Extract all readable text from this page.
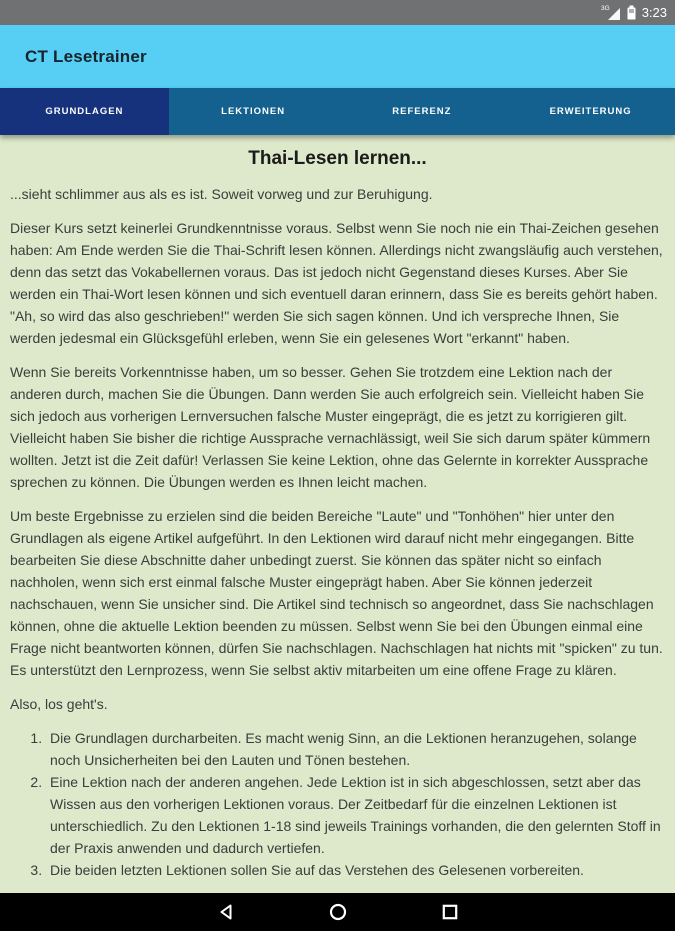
3G 3:23
CT Lesetrainer
GRUNDLAGEN	LEKTIONEN	REFERENZ	ERWEITERUNG
Thai-Lesen lernen...

...sieht schlimmer aus als es ist. Soweit vorweg und zur Beruhigung.

Dieser Kurs setzt keinerlei Grundkenntnisse voraus. Selbst wenn Sie noch nie ein Thai-Zeichen gesehen haben: Am Ende werden Sie die Thai-Schrift lesen können. Allerdings nicht zwangsläufig auch verstehen, denn das setzt das Vokabellernen voraus. Das ist jedoch nicht Gegenstand dieses Kurses. Aber Sie werden ein Thai-Wort lesen können und sich eventuell daran erinnern, dass Sie es bereits gehört haben. "Ah, so wird das also geschrieben!" werden Sie sich sagen können. Und ich verspreche Ihnen, Sie werden jedesmal ein Glücksgefühl erleben, wenn Sie ein gelesenes Wort "erkannt" haben.

Wenn Sie bereits Vorkenntnisse haben, um so besser. Gehen Sie trotzdem eine Lektion nach der anderen durch, machen Sie die Übungen. Dann werden Sie auch erfolgreich sein. Vielleicht haben Sie sich jedoch aus vorherigen Lernversuchen falsche Muster eingeprägt, die es jetzt zu korrigieren gilt. Vielleicht haben Sie bisher die richtige Aussprache vernachlässigt, weil Sie sich darum später kümmern wollten. Jetzt ist die Zeit dafür! Verlassen Sie keine Lektion, ohne das Gelernte in korrekter Aussprache sprechen zu können. Die Übungen werden es Ihnen leicht machen.

Um beste Ergebnisse zu erzielen sind die beiden Bereiche "Laute" und "Tonhöhen" hier unter den Grundlagen als eigene Artikel aufgeführt. In den Lektionen wird darauf nicht mehr eingegangen. Bitte bearbeiten Sie diese Abschnitte daher unbedingt zuerst. Sie können das später nicht so einfach nachholen, wenn sich erst einmal falsche Muster eingeprägt haben. Aber Sie können jederzeit nachschauen, wenn Sie unsicher sind. Die Artikel sind technisch so angeordnet, dass Sie nachschlagen können, ohne die aktuelle Lektion beenden zu müssen. Selbst wenn Sie bei den Übungen einmal eine Frage nicht beantworten können, dürfen Sie nachschlagen. Nachschlagen hat nichts mit "spicken" zu tun. Es unterstützt den Lernprozess, wenn Sie selbst aktiv mitarbeiten um eine offene Frage zu klären.

Also, los geht's.

1. Die Grundlagen durcharbeiten. Es macht wenig Sinn, an die Lektionen heranzugehen, solange noch Unsicherheiten bei den Lauten und Tönen bestehen.
2. Eine Lektion nach der anderen angehen. Jede Lektion ist in sich abgeschlossen, setzt aber das Wissen aus den vorherigen Lektionen voraus. Der Zeitbedarf für die einzelnen Lektionen ist unterschiedlich. Zu den Lektionen 1-18 sind jeweils Trainings vorhanden, die den gelernten Stoff in der Praxis anwenden und dadurch vertiefen.
3. Die beiden letzten Lektionen sollen Sie auf das Verstehen des Gelesenen vorbereiten.
